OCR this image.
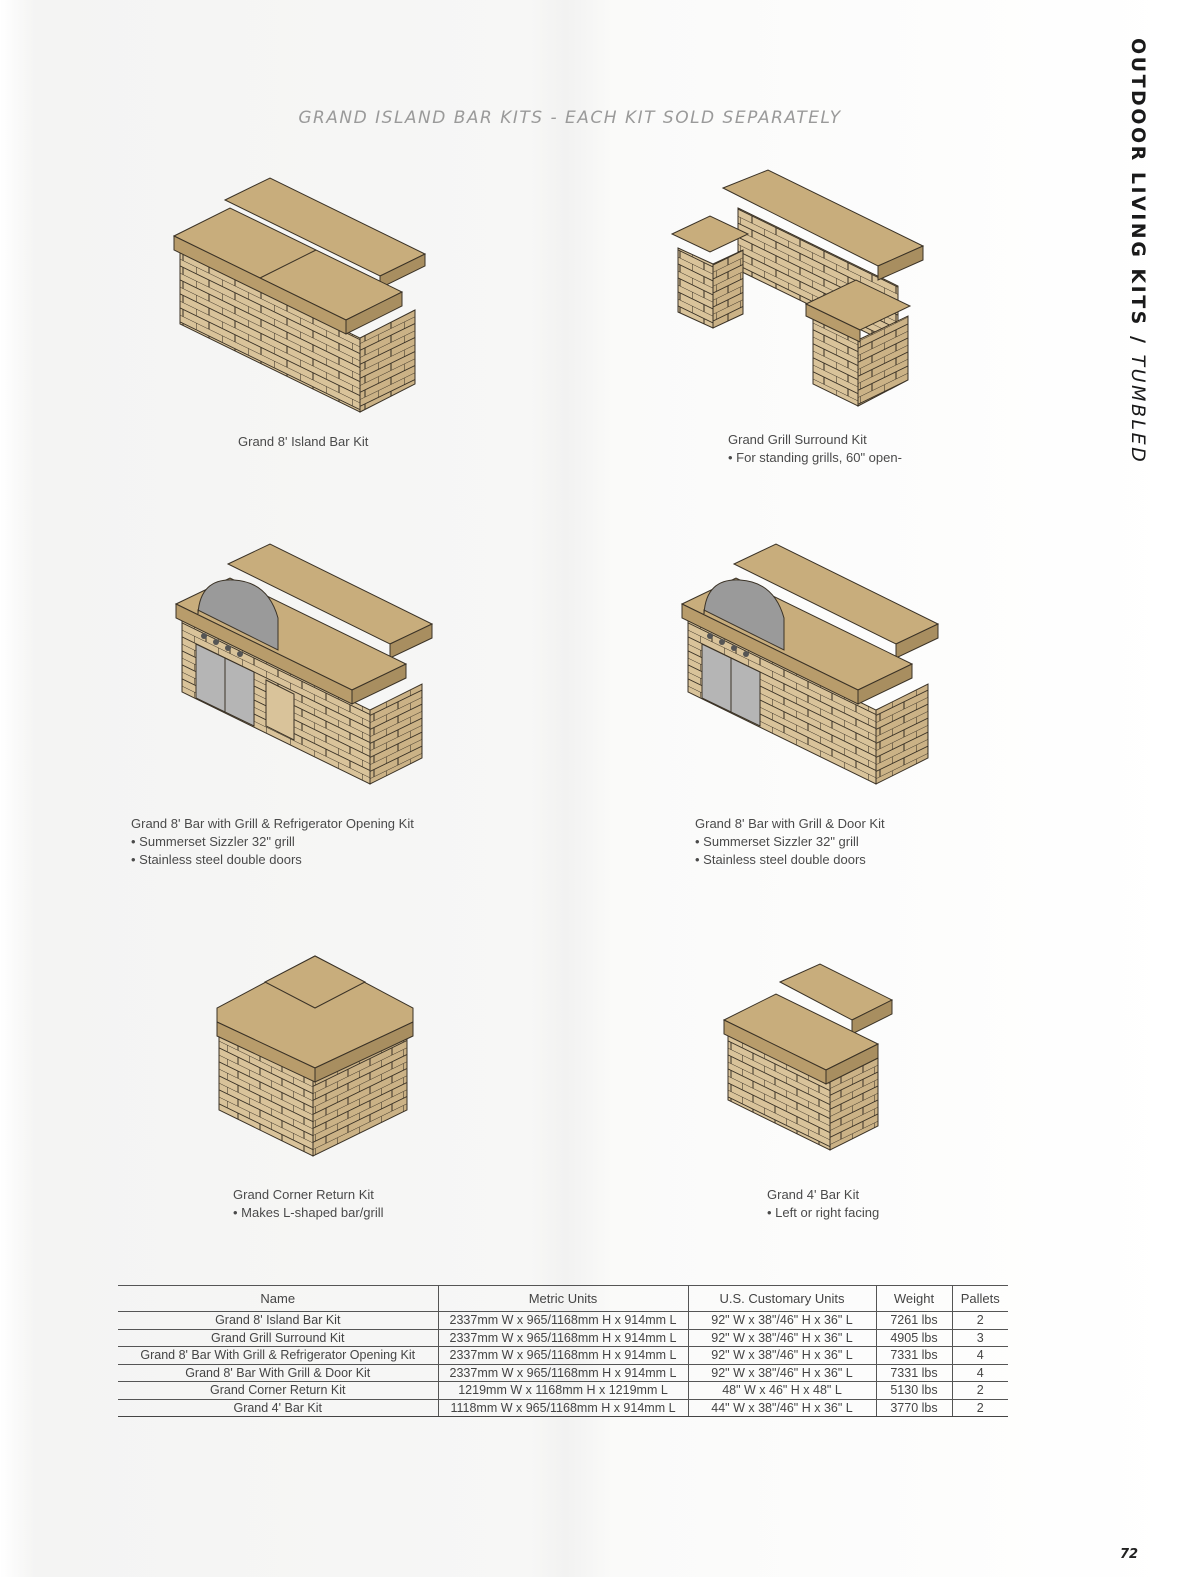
GRAND ISLAND BAR KITS - EACH KIT SOLD SEPARATELY	OUTDOOR LIVING KITS / TUMBLED
Grand 8' Island Bar Kit	Grand Grill Surround Kit
• For standing grills, 60" open-
Grand 8' Bar with Grill & Refrigerator Opening Kit
• Summerset Sizzler 32" grill
• Stainless steel double doors
Grand 8' Bar with Grill & Door Kit
• Summerset Sizzler 32" grill
• Stainless steel double doors
Grand Corner Return Kit
• Makes L-shaped bar/grill
Grand 4' Bar Kit
• Left or right facing
Name	Metric Units	U.S. Customary Units	Weight	Pallets
Grand 8' Island Bar Kit	2337mm W x 965/1168mm H x 914mm L	92" W x 38"/46" H x 36" L	7261 lbs	2
Grand Grill Surround Kit	2337mm W x 965/1168mm H x 914mm L	92" W x 38"/46" H x 36" L	4905 lbs	3
Grand 8' Bar With Grill & Refrigerator Opening Kit	2337mm W x 965/1168mm H x 914mm L	92" W x 38"/46" H x 36" L	7331 lbs	4
Grand 8' Bar With Grill & Door Kit	2337mm W x 965/1168mm H x 914mm L	92" W x 38"/46" H x 36" L	7331 lbs	4
Grand Corner Return Kit	1219mm W x 1168mm H x 1219mm L	48" W x 46" H x 48" L	5130 lbs	2
Grand 4' Bar Kit	1118mm W x 965/1168mm H x 914mm L	44" W x 38"/46" H x 36" L	3770 lbs	2
72
